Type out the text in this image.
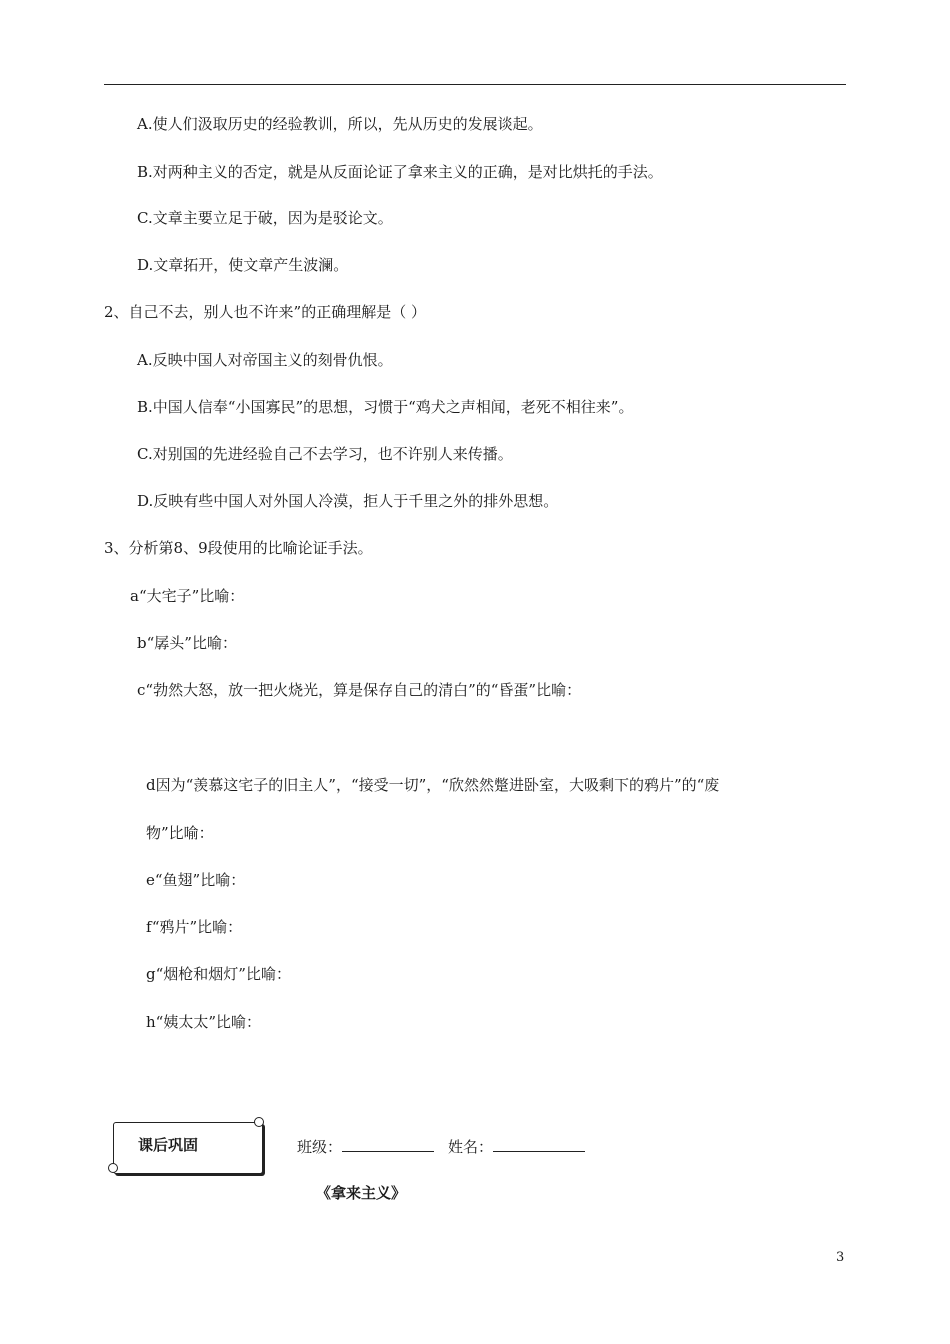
A.使人们汲取历史的经验教训，所以，先从历史的发展谈起。
B.对两种主义的否定，就是从反面论证了拿来主义的正确，是对比烘托的手法。
C.文章主要立足于破，因为是驳论文。
D.文章拓开，使文章产生波澜。
2、自己不去，别人也不许来”的正确理解是（ ）
A.反映中国人对帝国主义的刻骨仇恨。
B.中国人信奉“小国寡民”的思想，习惯于“鸡犬之声相闻，老死不相往来”。
C.对别国的先进经验自己不去学习，也不许别人来传播。
D.反映有些中国人对外国人冷漠，拒人于千里之外的排外思想。
3、分析第8、9段使用的比喻论证手法。
a“大宅子”比喻：
b“孱头”比喻：
c“勃然大怒，放一把火烧光，算是保存自己的清白”的“昏蛋”比喻：
d因为“羡慕这宅子的旧主人”，“接受一切”，“欣然然蹩进卧室，大吸剩下的鸦片”的“废
物”比喻：
e“鱼翅”比喻：
f“鸦片”比喻：
g“烟枪和烟灯”比喻：
h“姨太太”比喻：
课后巩固	班级：	姓名：
《拿来主义》
3
